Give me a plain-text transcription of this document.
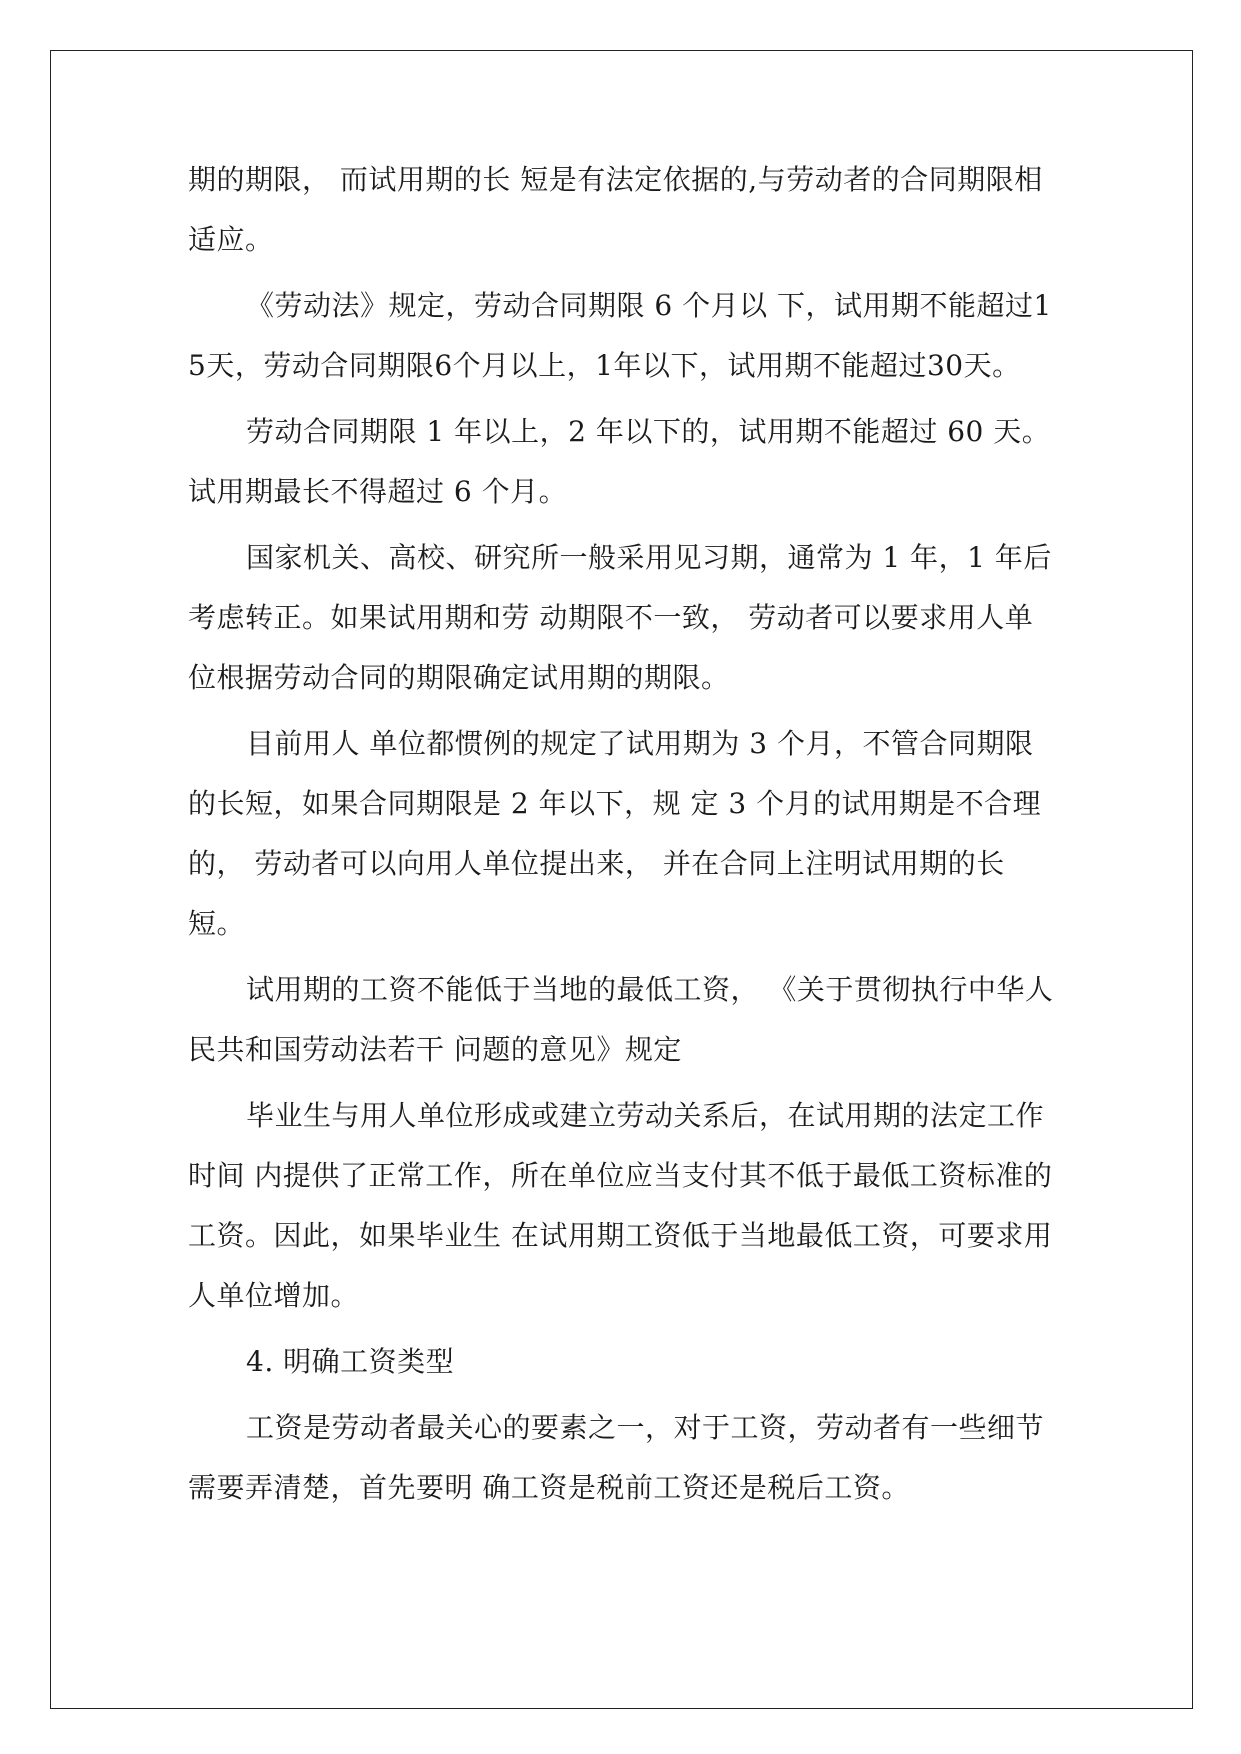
期的期限， 而试用期的长 短是有法定依据的,与劳动者的合同期限相适应。

《劳动法》规定，劳动合同期限 6 个月以 下，试用期不能超过15天，劳动合同期限6个月以上，1年以下，试用期不能超过30天。

劳动合同期限 1 年以上，2 年以下的，试用期不能超过 60 天。试用期最长不得超过 6 个月。

国家机关、高校、研究所一般采用见习期，通常为 1 年，1 年后考虑转正。如果试用期和劳 动期限不一致， 劳动者可以要求用人单位根据劳动合同的期限确定试用期的期限。

目前用人 单位都惯例的规定了试用期为 3 个月，不管合同期限的长短，如果合同期限是 2 年以下，规 定 3 个月的试用期是不合理的， 劳动者可以向用人单位提出来， 并在合同上注明试用期的长短。

试用期的工资不能低于当地的最低工资， 《关于贯彻执行中华人民共和国劳动法若干 问题的意见》规定

毕业生与用人单位形成或建立劳动关系后，在试用期的法定工作时间 内提供了正常工作，所在单位应当支付其不低于最低工资标准的工资。因此，如果毕业生 在试用期工资低于当地最低工资，可要求用人单位增加。

4. 明确工资类型

工资是劳动者最关心的要素之一，对于工资，劳动者有一些细节需要弄清楚，首先要明 确工资是税前工资还是税后工资。
